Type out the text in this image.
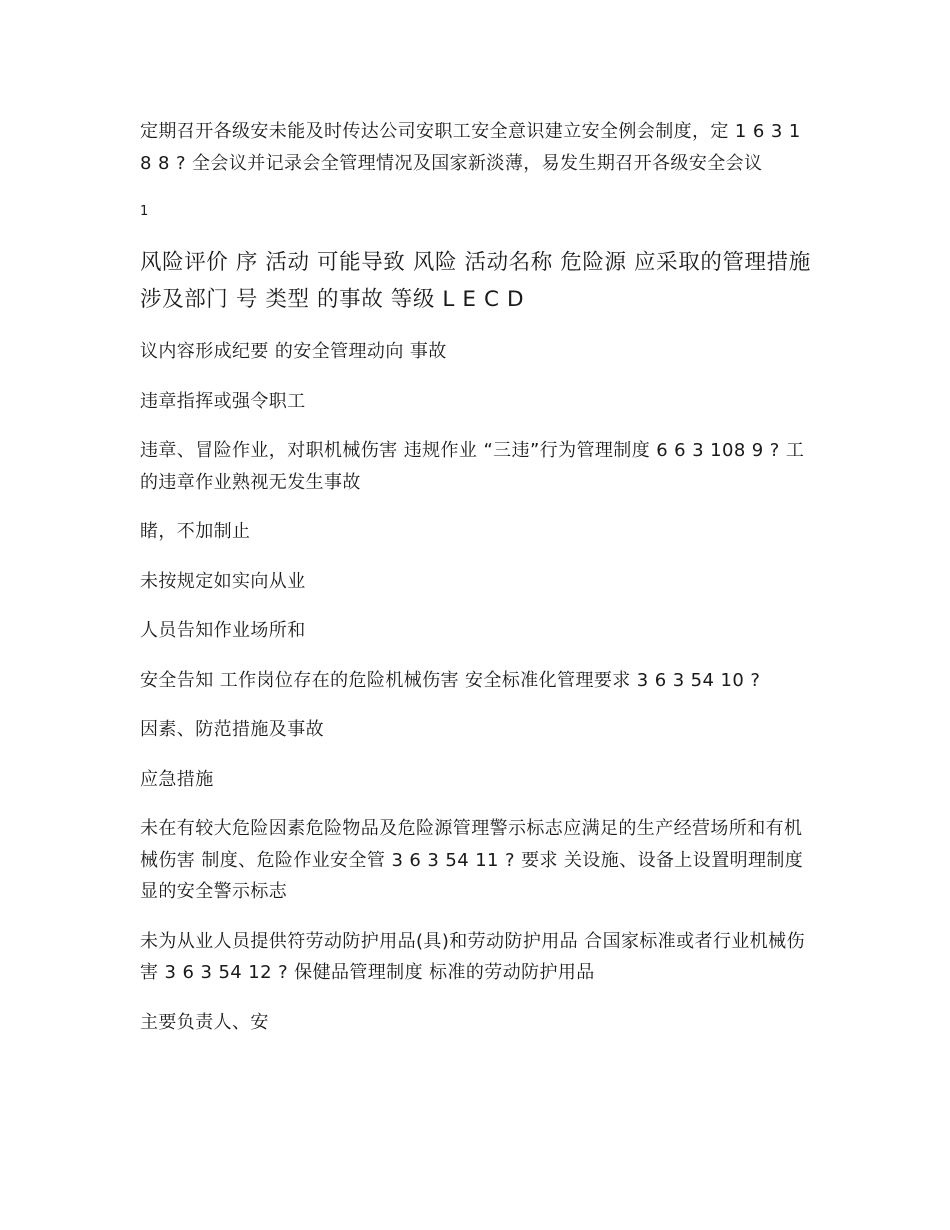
定期召开各级安未能及时传达公司安职工安全意识建立安全例会制度，定 1 6 3 18 8 ? 全会议并记录会全管理情况及国家新淡薄，易发生期召开各级安全会议

1

风险评价 序 活动 可能导致 风险 活动名称 危险源 应采取的管理措施 涉及部门 号 类型 的事故 等级 L E C D

议内容形成纪要 的安全管理动向 事故

违章指挥或强令职工

违章、冒险作业，对职机械伤害 违规作业 “三违”行为管理制度 6 6 3 108 9 ? 工的违章作业熟视无发生事故

睹，不加制止

未按规定如实向从业

人员告知作业场所和

安全告知 工作岗位存在的危险机械伤害 安全标准化管理要求 3 6 3 54 10 ?

因素、防范措施及事故

应急措施

未在有较大危险因素危险物品及危险源管理警示标志应满足的生产经营场所和有机械伤害 制度、危险作业安全管 3 6 3 54 11 ? 要求 关设施、设备上设置明理制度 显的安全警示标志

未为从业人员提供符劳动防护用品(具)和劳动防护用品 合国家标准或者行业机械伤害 3 6 3 54 12 ? 保健品管理制度 标准的劳动防护用品

主要负责人、安
